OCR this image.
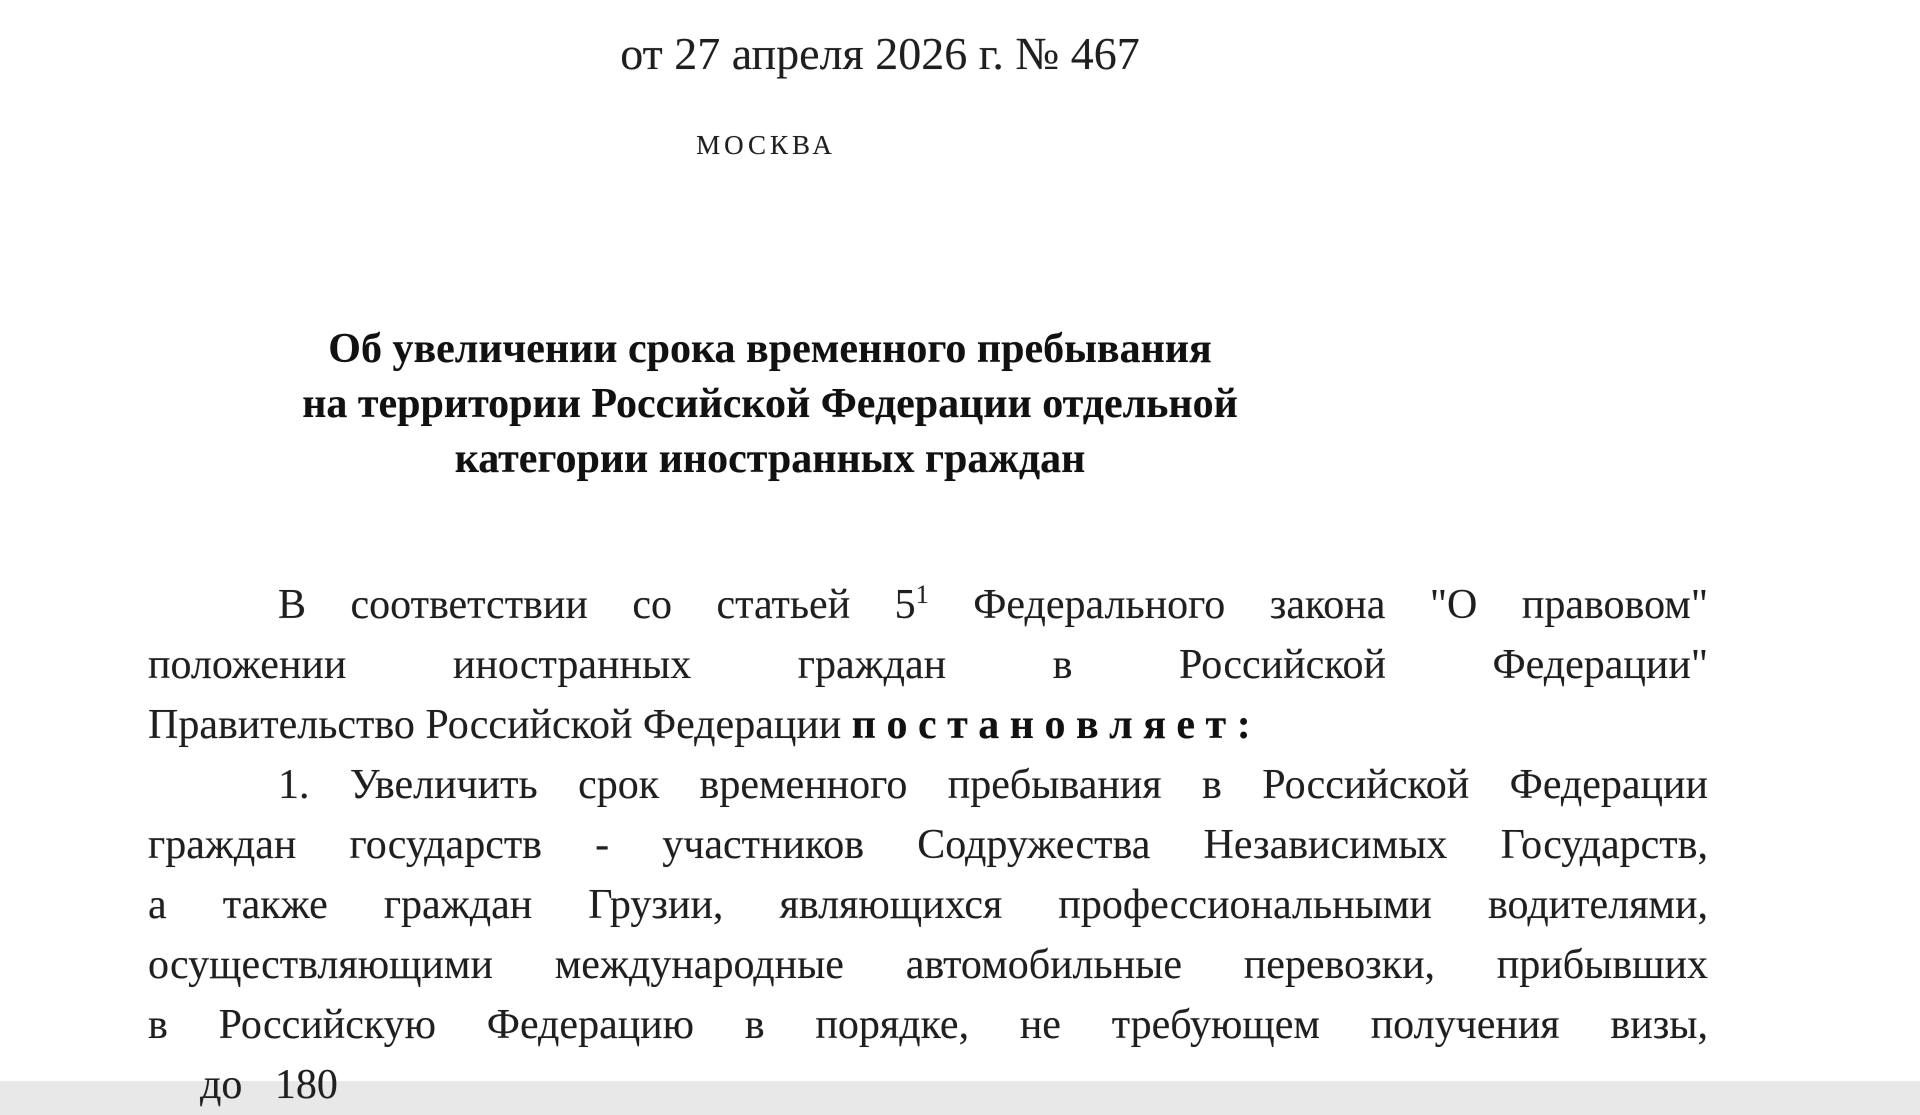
от 27 апреля 2026 г. № 467
МОСКВА
Об увеличении срока временного пребывания
на территории Российской Федерации отдельной
категории иностранных граждан
В соответствии со статьей $5^1$ Федерального закона "О правовом"
положении иностранных граждан в Российской Федерации"
Правительство Российской Федерации п о с т а н о в л я е т :
1. Увеличить срок временного пребывания в Российской Федерации
граждан государств - участников Содружества Независимых Государств,
а также граждан Грузии, являющихся профессиональными водителями,
осуществляющими международные автомобильные перевозки, прибывших
в Российскую Федерацию в порядке, не требующем получения визы,
до 180
